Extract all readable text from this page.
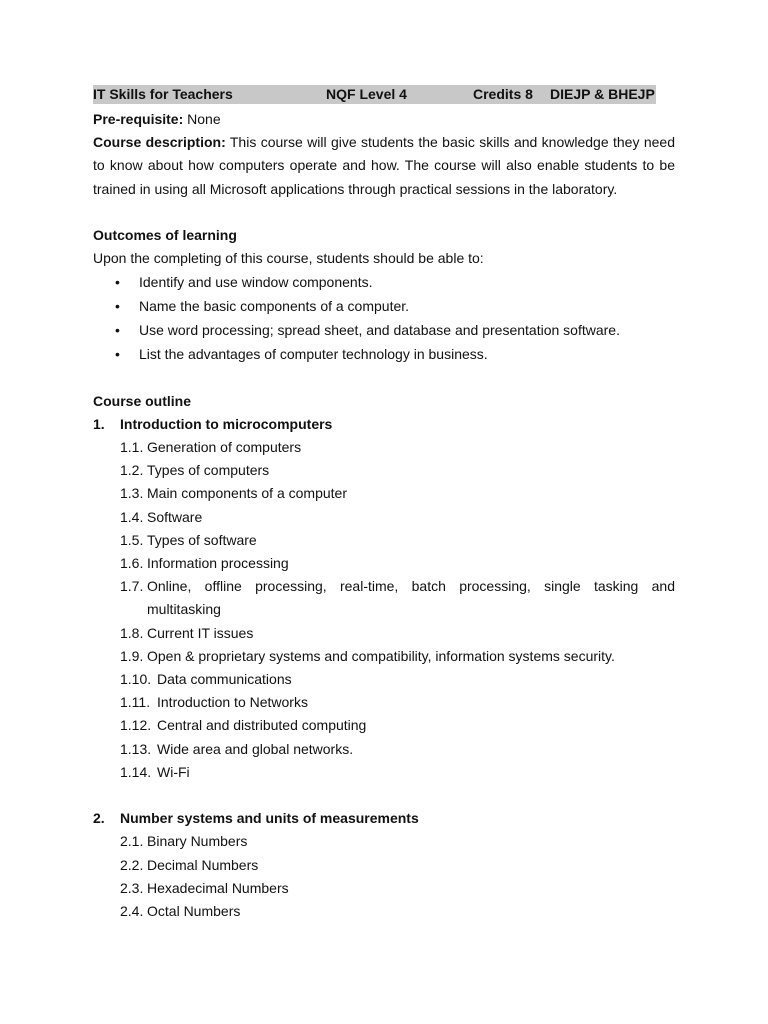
IT Skills for Teachers	NQF Level 4	Credits 8 DIEJP & BHEJP
Pre-requisite: None
Course description: This course will give students the basic skills and knowledge they need to know about how computers operate and how. The course will also enable students to be trained in using all Microsoft applications through practical sessions in the laboratory.
Outcomes of learning
Upon the completing of this course, students should be able to:
• Identify and use window components.
• Name the basic components of a computer.
• Use word processing; spread sheet, and database and presentation software.
• List the advantages of computer technology in business.
Course outline
1. Introduction to microcomputers
1.1. Generation of computers
1.2. Types of computers
1.3. Main components of a computer
1.4. Software
1.5. Types of software
1.6. Information processing
1.7. Online, offline processing, real-time, batch processing, single tasking and
multitasking
1.8. Current IT issues
1.9. Open & proprietary systems and compatibility, information systems security.
1.10. Data communications
1.11. Introduction to Networks
1.12. Central and distributed computing
1.13. Wide area and global networks.
1.14. Wi-Fi
2. Number systems and units of measurements
2.1. Binary Numbers
2.2. Decimal Numbers
2.3. Hexadecimal Numbers
2.4. Octal Numbers
